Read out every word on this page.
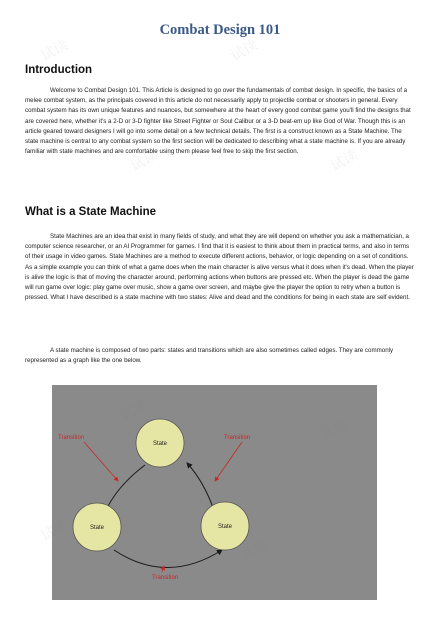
Combat Design 101
Introduction

Welcome to Combat Design 101. This Article is designed to go over the fundamentals of combat design. In specific, the basics of a melee combat system, as the principals covered in this article do not necessarily apply to projectile combat or shooters in general. Every combat system has its own unique features and nuances, but somewhere at the heart of every good combat game you'll find the designs that are covered here, whether it's a 2-D or 3-D fighter like Street Fighter or Soul Calibur or a 3-D beat-em up like God of War. Though this is an article geared toward designers I will go into some detail on a few technical details. The first is a construct known as a State Machine. The state machine is central to any combat system so the first section will be dedicated to describing what a state machine is. If you are already familiar with state machines and are comfortable using them please feel free to skip the first section.

What is a State Machine

State Machines are an idea that exist in many fields of study, and what they are will depend on whether you ask a mathematician, a computer science researcher, or an AI Programmer for games. I find that it is easiest to think about them in practical terms, and also in terms of their usage in video games. State Machines are a method to execute different actions, behavior, or logic depending on a set of conditions. As a simple example you can think of what a game does when the main character is alive versus what it does when it's dead. When the player is alive the logic is that of moving the character around, performing actions when buttons are pressed etc. When the player is dead the game will run game over logic: play game over music, show a game over screen, and maybe give the player the option to retry when a button is pressed. What I have described is a state machine with two states: Alive and dead and the conditions for being in each state are self evident.

A state machine is composed of two parts: states and transitions which are also sometimes called edges. They are commonly represented as a graph like the one below.

State
State	State
Transition	Transition
Transition
试读	试读
试读	试读
试读
试读
